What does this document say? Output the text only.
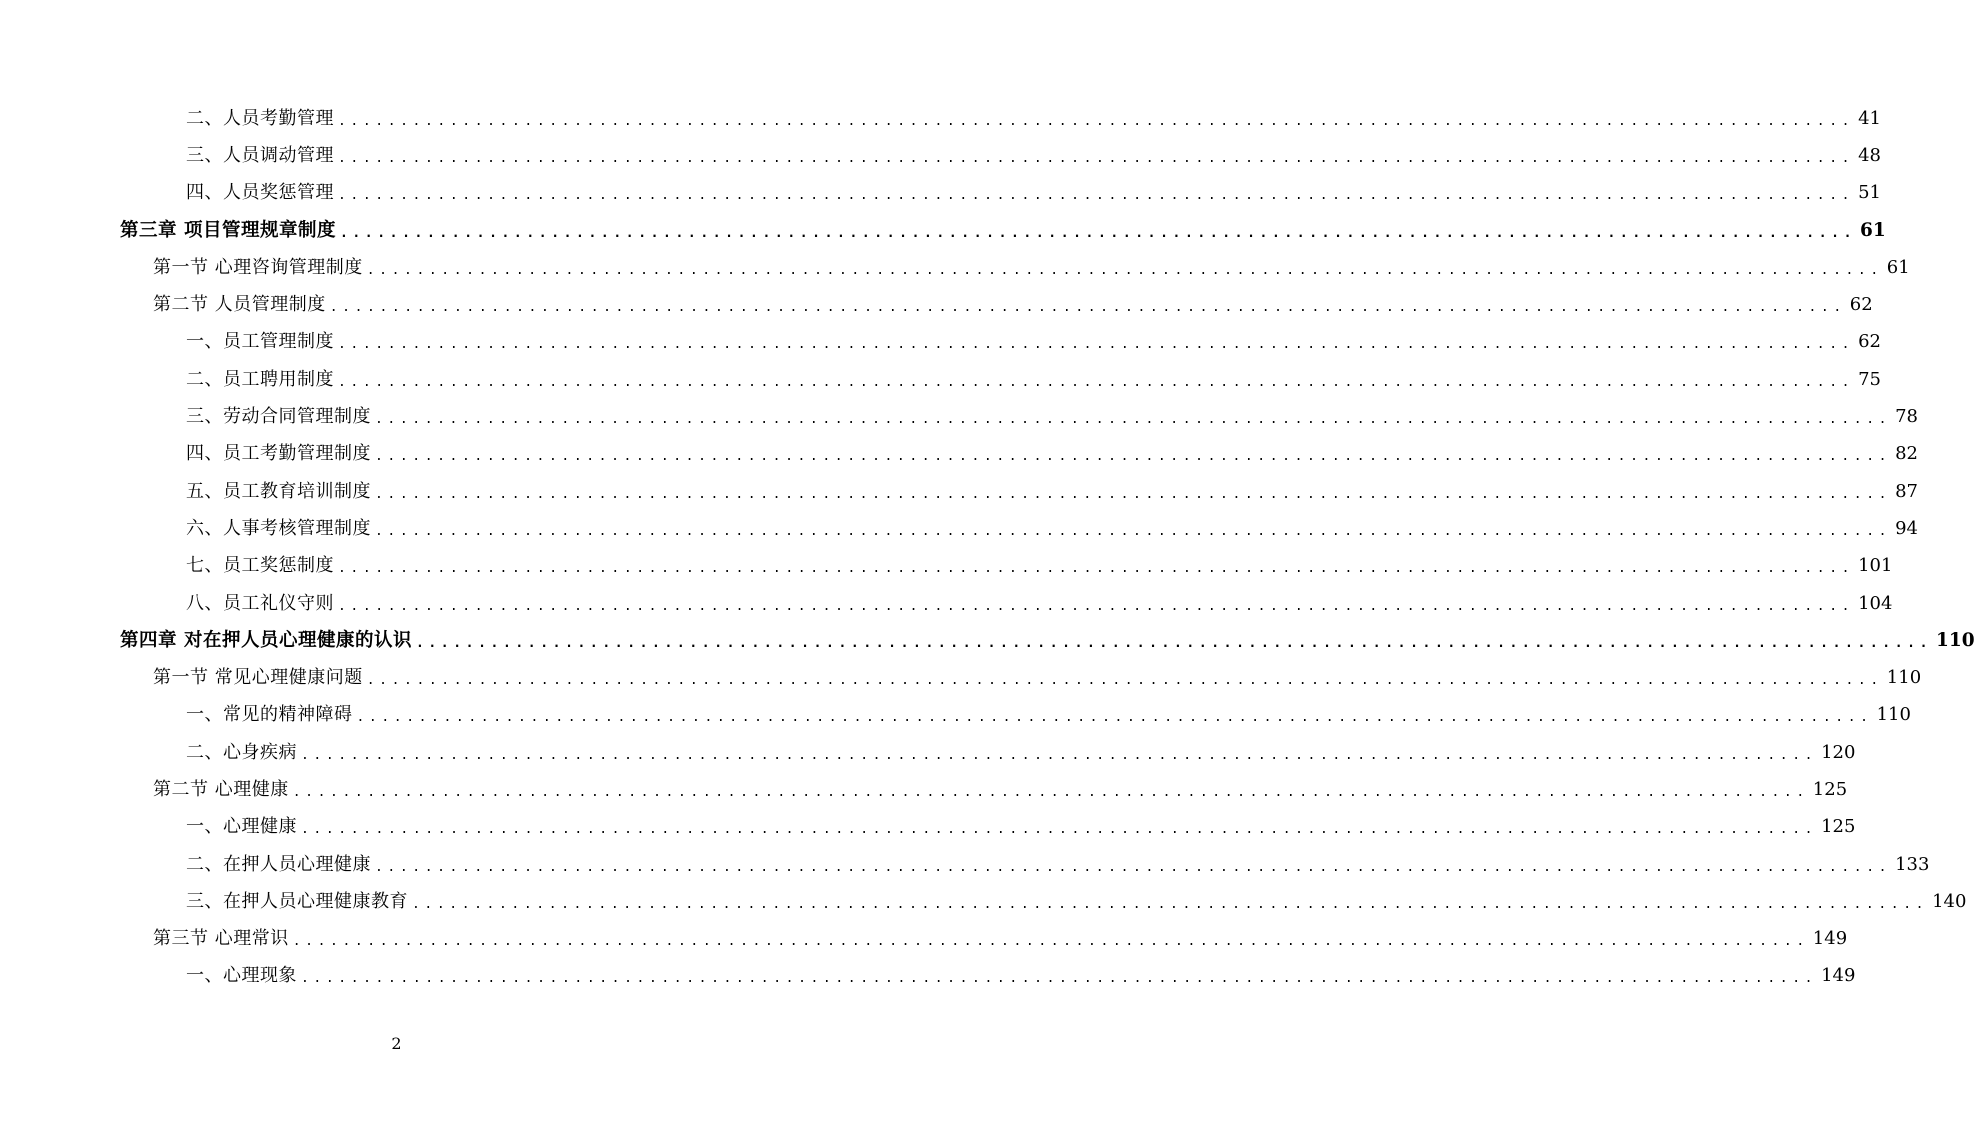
二、人员考勤管理 .......................................................................................................................... 41
三、人员调动管理 .......................................................................................................................... 48
四、人员奖惩管理 .......................................................................................................................... 51
第三章 项目管理规章制度 .......................................................................................................................... 61
第一节 心理咨询管理制度 .......................................................................................................................... 61
第二节 人员管理制度 .......................................................................................................................... 62
一、员工管理制度 .......................................................................................................................... 62
二、员工聘用制度 .......................................................................................................................... 75
三、劳动合同管理制度 .......................................................................................................................... 78
四、员工考勤管理制度 .......................................................................................................................... 82
五、员工教育培训制度 .......................................................................................................................... 87
六、人事考核管理制度 .......................................................................................................................... 94
七、员工奖惩制度 .......................................................................................................................... 101
八、员工礼仪守则 .......................................................................................................................... 104
第四章 对在押人员心理健康的认识 .......................................................................................................................... 110
第一节 常见心理健康问题 .......................................................................................................................... 110
一、常见的精神障碍 .......................................................................................................................... 110
二、心身疾病 .......................................................................................................................... 120
第二节 心理健康 .......................................................................................................................... 125
一、心理健康 .......................................................................................................................... 125
二、在押人员心理健康 .......................................................................................................................... 133
三、在押人员心理健康教育 .......................................................................................................................... 140
第三节 心理常识 .......................................................................................................................... 149
一、心理现象 .......................................................................................................................... 149
2
